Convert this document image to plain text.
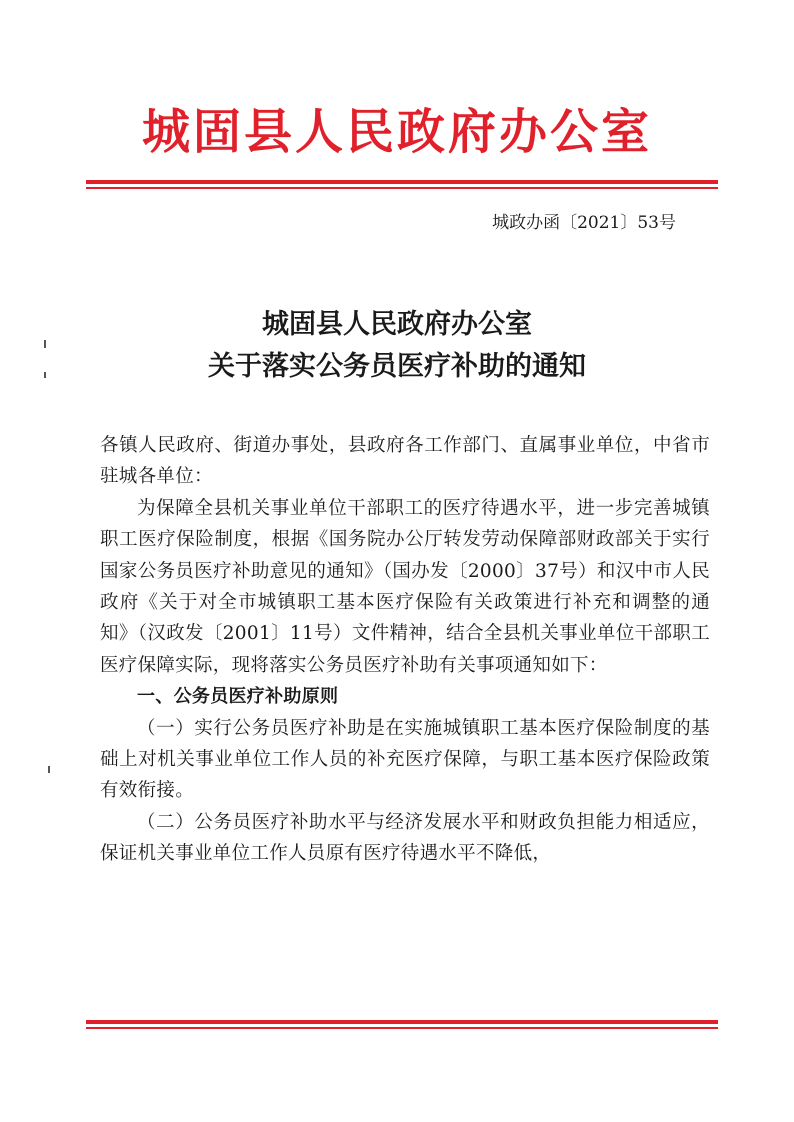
城固县人民政府办公室
城政办函〔2021〕53号
城固县人民政府办公室
关于落实公务员医疗补助的通知

各镇人民政府、街道办事处，县政府各工作部门、直属事业单位，中省市驻城各单位：

为保障全县机关事业单位干部职工的医疗待遇水平，进一步完善城镇职工医疗保险制度，根据《国务院办公厅转发劳动保障部财政部关于实行国家公务员医疗补助意见的通知》（国办发〔2000〕37号）和汉中市人民政府《关于对全市城镇职工基本医疗保险有关政策进行补充和调整的通知》（汉政发〔2001〕11号）文件精神，结合全县机关事业单位干部职工医疗保障实际，现将落实公务员医疗补助有关事项通知如下：

一、公务员医疗补助原则

（一）实行公务员医疗补助是在实施城镇职工基本医疗保险制度的基础上对机关事业单位工作人员的补充医疗保障，与职工基本医疗保险政策有效衔接。

（二）公务员医疗补助水平与经济发展水平和财政负担能力相适应，保证机关事业单位工作人员原有医疗待遇水平不降低，
